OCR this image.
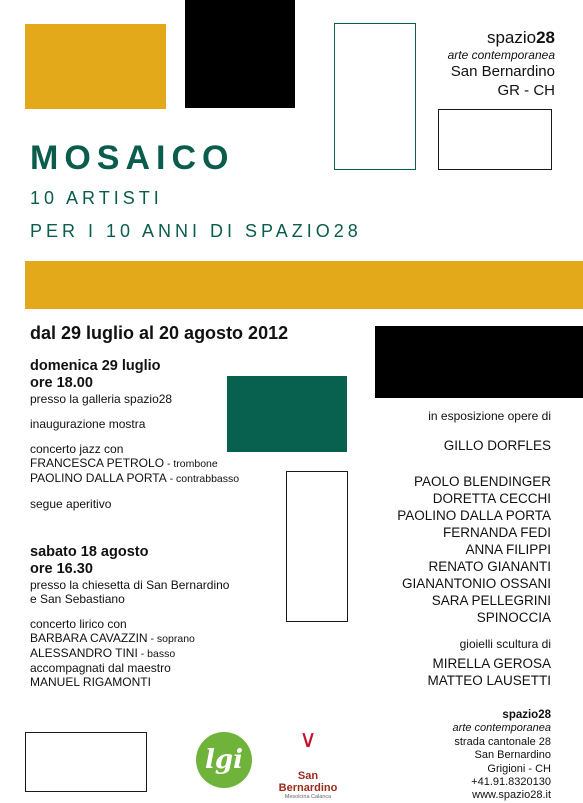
spazio28
arte contemporanea
San Bernardino
GR - CH
MOSAICO
10 ARTISTI
PER I 10 ANNI DI SPAZIO28
dal 29 luglio al 20 agosto 2012
domenica 29 luglio
ore 18.00
presso la galleria spazio28
inaugurazione mostra
concerto jazz con
FRANCESCA PETROLO - trombone
PAOLINO DALLA PORTA - contrabbasso
segue aperitivo
sabato 18 agosto
ore 16.30
presso la chiesetta di San Bernardino
e San Sebastiano
concerto lirico con
BARBARA CAVAZZIN - soprano
ALESSANDRO TINI - basso
accompagnati dal maestro
MANUEL RIGAMONTI
in esposizione opere di
GILLO DORFLES
PAOLO BLENDINGER
DORETTA CECCHI
PAOLINO DALLA PORTA
FERNANDA FEDI
ANNA FILIPPI
RENATO GIANANTI
GIANANTONIO OSSANI
SARA PELLEGRINI
SPINOCCIA
gioielli scultura di
MIRELLA GEROSA
MATTEO LAUSETTI
lgi
∨
San Bernardino
Mesolcina Calanca
spazio28
arte contemporanea
strada cantonale 28
San Bernardino
Grigioni - CH
+41.91.8320130
www.spazio28.it
